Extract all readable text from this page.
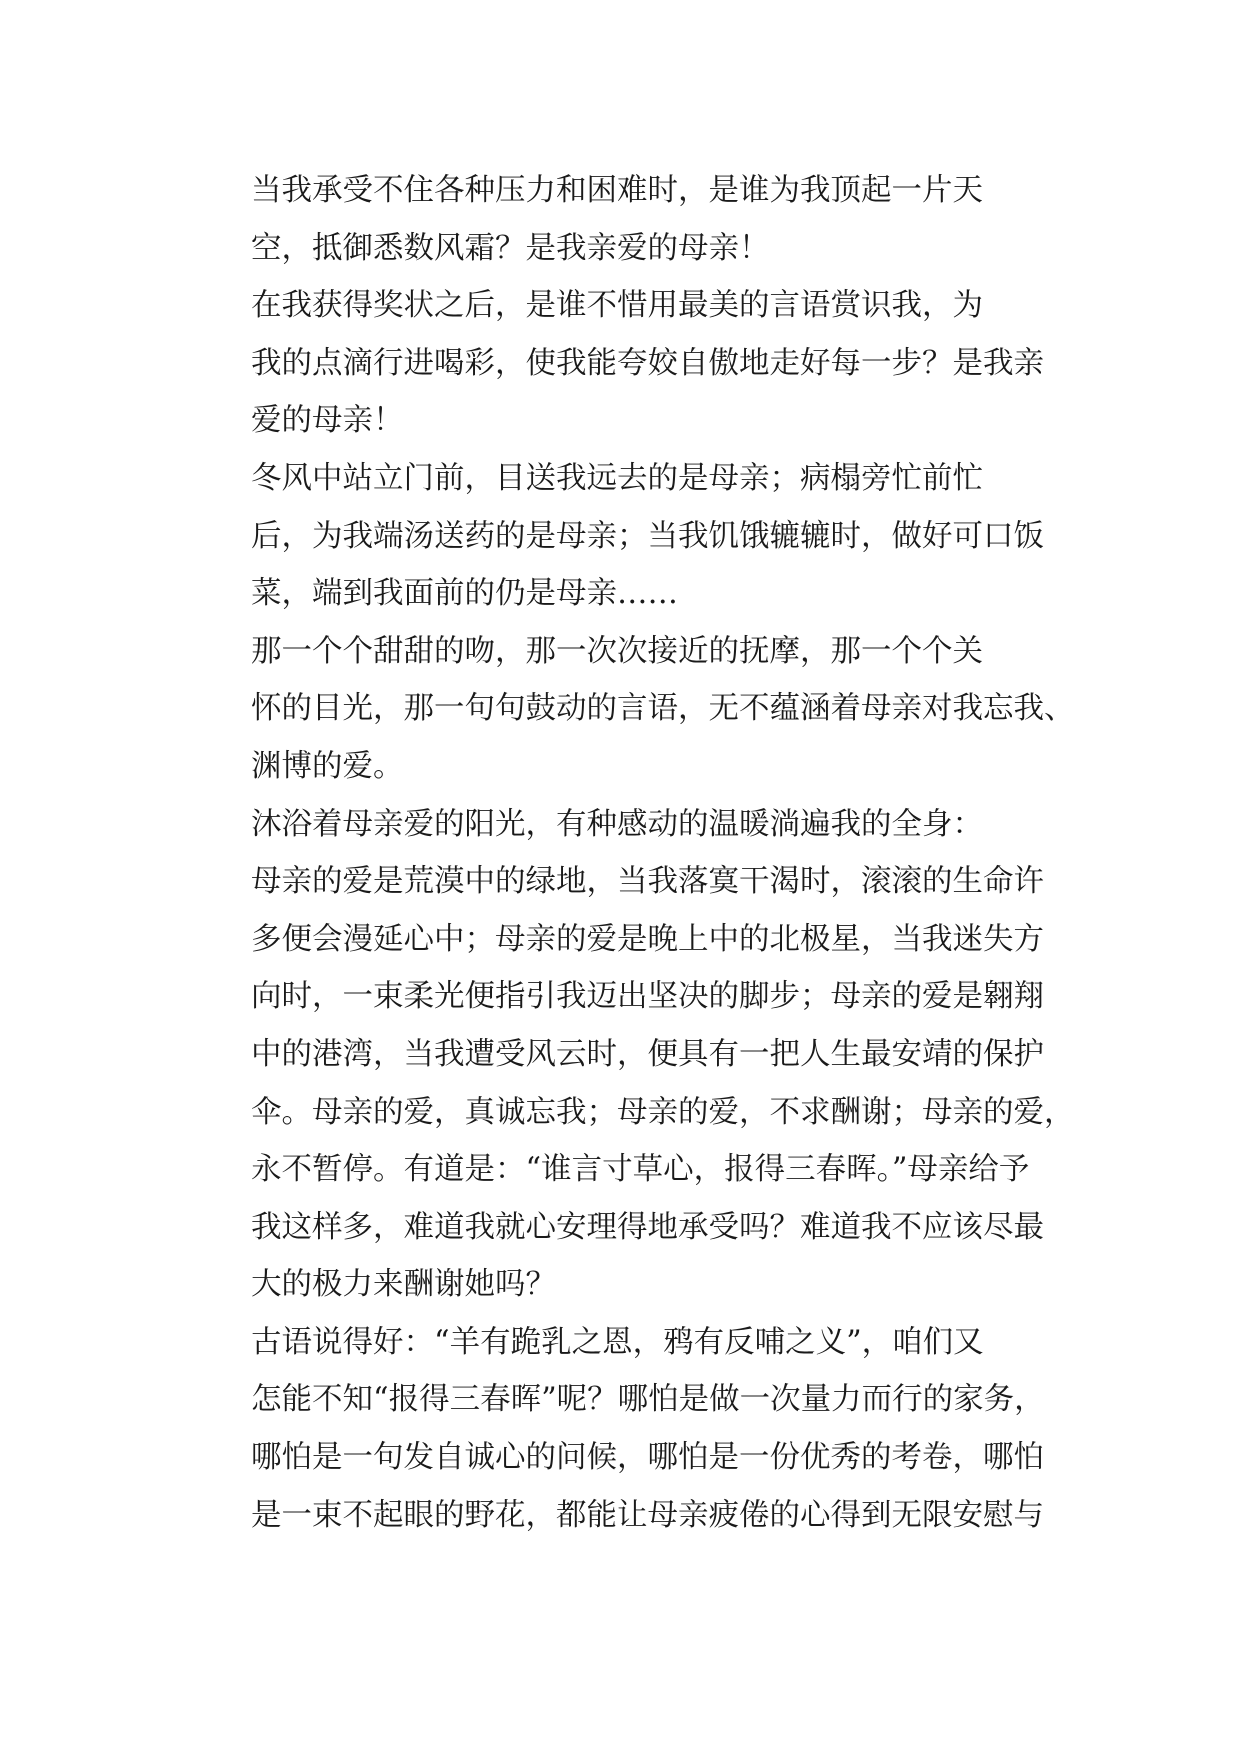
当我承受不住各种压力和困难时，是谁为我顶起一片天
空，抵御悉数风霜？是我亲爱的母亲！
在我获得奖状之后，是谁不惜用最美的言语赏识我，为
我的点滴行进喝彩，使我能夸姣自傲地走好每一步？是我亲
爱的母亲！
冬风中站立门前，目送我远去的是母亲；病榻旁忙前忙
后，为我端汤送药的是母亲；当我饥饿辘辘时，做好可口饭
菜，端到我面前的仍是母亲……
那一个个甜甜的吻，那一次次接近的抚摩，那一个个关
怀的目光，那一句句鼓动的言语，无不蕴涵着母亲对我忘我、
渊博的爱。
沐浴着母亲爱的阳光，有种感动的温暖淌遍我的全身：
母亲的爱是荒漠中的绿地，当我落寞干渴时，滚滚的生命许
多便会漫延心中；母亲的爱是晚上中的北极星，当我迷失方
向时，一束柔光便指引我迈出坚决的脚步；母亲的爱是翱翔
中的港湾，当我遭受风云时，便具有一把人生最安靖的保护
伞。母亲的爱，真诚忘我；母亲的爱，不求酬谢；母亲的爱，
永不暂停。有道是：“谁言寸草心，报得三春晖。”母亲给予
我这样多，难道我就心安理得地承受吗？难道我不应该尽最
大的极力来酬谢她吗？
古语说得好：“羊有跪乳之恩，鸦有反哺之义”，咱们又
怎能不知“报得三春晖”呢？哪怕是做一次量力而行的家务，
哪怕是一句发自诚心的问候，哪怕是一份优秀的考卷，哪怕
是一束不起眼的野花，都能让母亲疲倦的心得到无限安慰与
